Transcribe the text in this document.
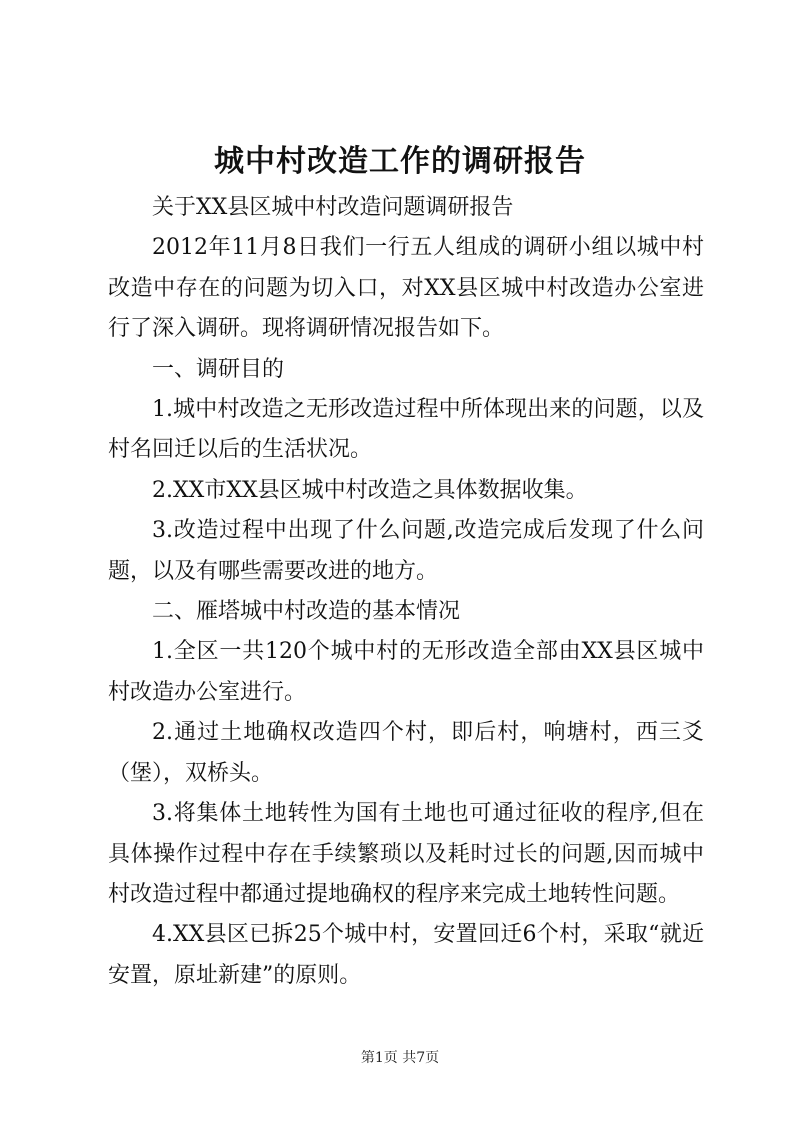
城中村改造工作的调研报告

关于XX县区城中村改造问题调研报告

2012年11月8日我们一行五人组成的调研小组以城中村改造中存在的问题为切入口，对XX县区城中村改造办公室进行了深入调研。现将调研情况报告如下。

一、调研目的

1.城中村改造之无形改造过程中所体现出来的问题，以及村名回迁以后的生活状况。

2.XX市XX县区城中村改造之具体数据收集。

3.改造过程中出现了什么问题,改造完成后发现了什么问题，以及有哪些需要改进的地方。

二、雁塔城中村改造的基本情况

1.全区一共120个城中村的无形改造全部由XX县区城中村改造办公室进行。

2.通过土地确权改造四个村，即后村，响塘村，西三爻（堡），双桥头。

3.将集体土地转性为国有土地也可通过征收的程序,但在具体操作过程中存在手续繁琐以及耗时过长的问题,因而城中村改造过程中都通过提地确权的程序来完成土地转性问题。

4.XX县区已拆25个城中村，安置回迁6个村，采取“就近安置，原址新建”的原则。

第1页 共7页
